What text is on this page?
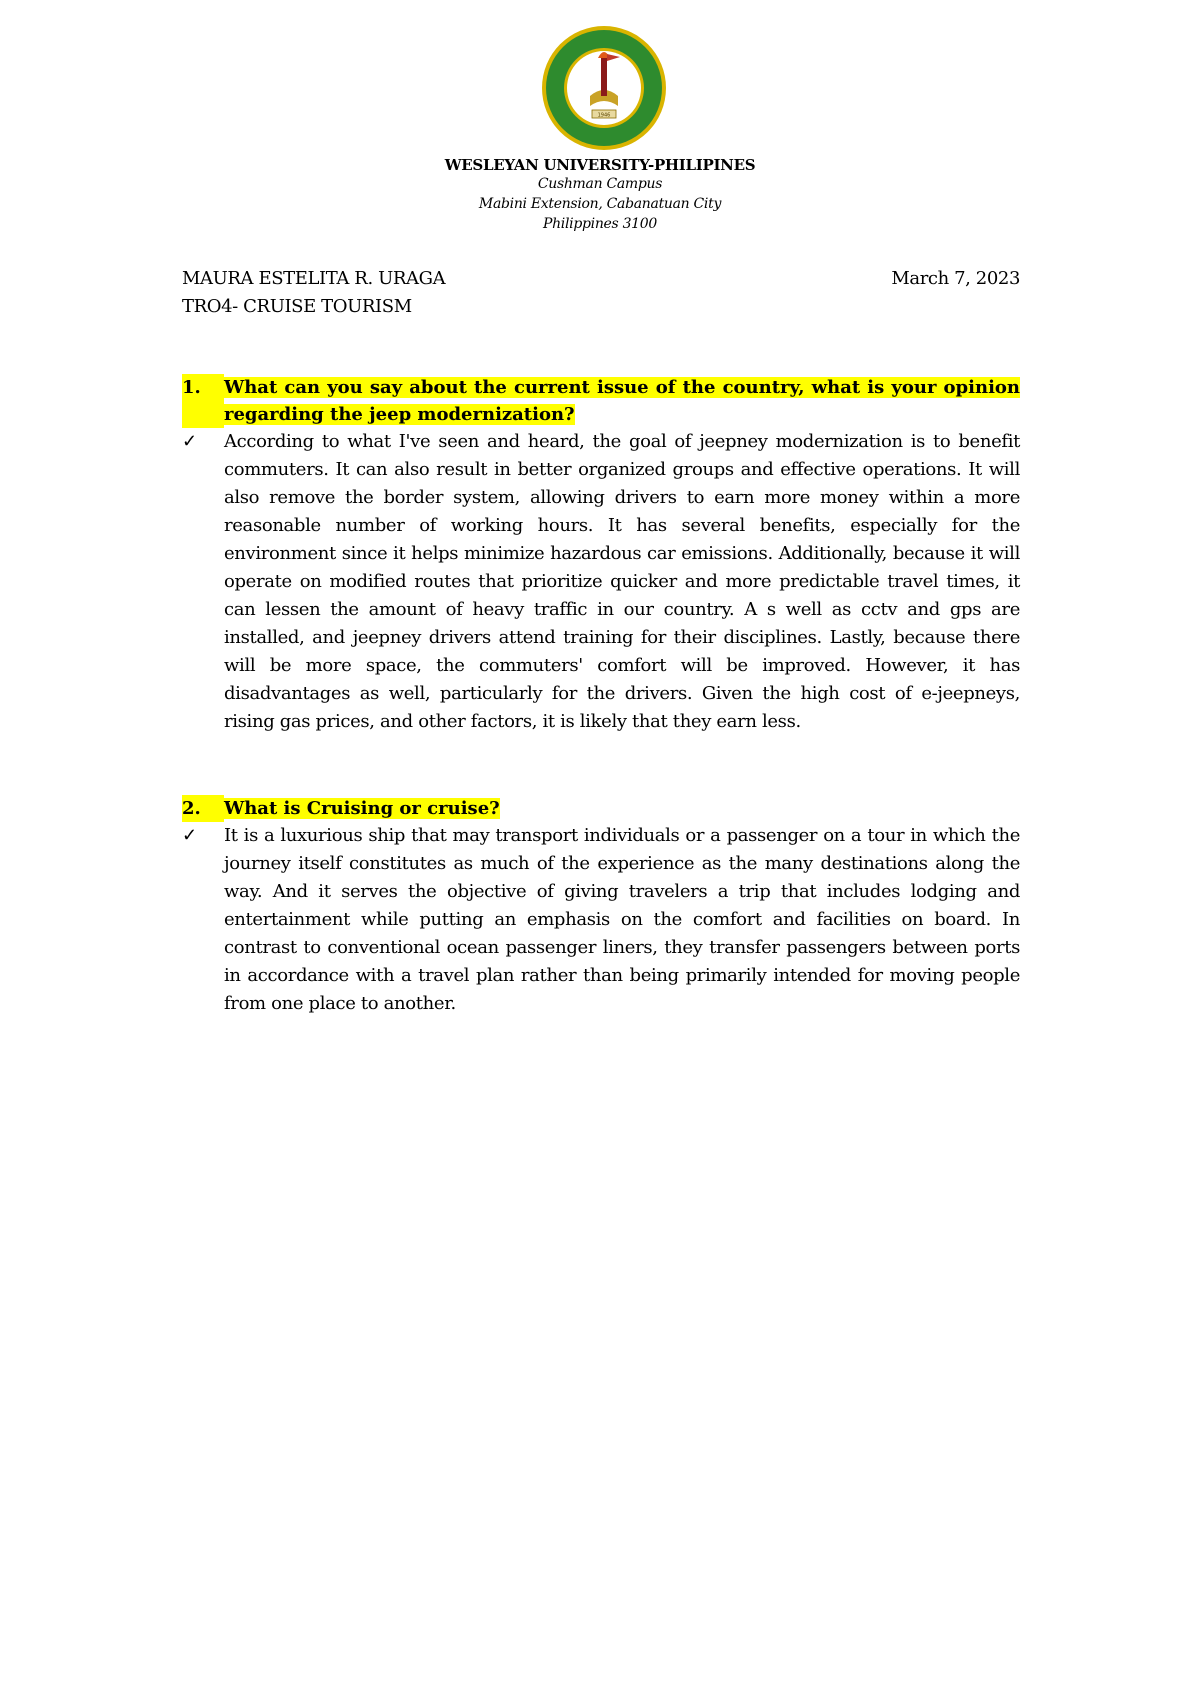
1946
WESLEYAN UNIVERSITY-PHILIPINES
Cushman Campus
Mabini Extension, Cabanatuan City
Philippines 3100
MAURA ESTELITA R. URAGA	March 7, 2023
TRO4- CRUISE TOURISM
1.	What can you say about the current issue of the country, what is your opinion regarding the jeep modernization?
✓	According to what I've seen and heard, the goal of jeepney modernization is to benefit commuters. It can also result in better organized groups and effective operations. It will also remove the border system, allowing drivers to earn more money within a more reasonable number of working hours. It has several benefits, especially for the environment since it helps minimize hazardous car emissions. Additionally, because it will operate on modified routes that prioritize quicker and more predictable travel times, it can lessen the amount of heavy traffic in our country. A s well as cctv and gps are installed, and jeepney drivers attend training for their disciplines. Lastly, because there will be more space, the commuters' comfort will be improved. However, it has disadvantages as well, particularly for the drivers. Given the high cost of e-jeepneys, rising gas prices, and other factors, it is likely that they earn less.
2.	What is Cruising or cruise?
✓	It is a luxurious ship that may transport individuals or a passenger on a tour in which the journey itself constitutes as much of the experience as the many destinations along the way. And it serves the objective of giving travelers a trip that includes lodging and entertainment while putting an emphasis on the comfort and facilities on board. In contrast to conventional ocean passenger liners, they transfer passengers between ports in accordance with a travel plan rather than being primarily intended for moving people from one place to another.
